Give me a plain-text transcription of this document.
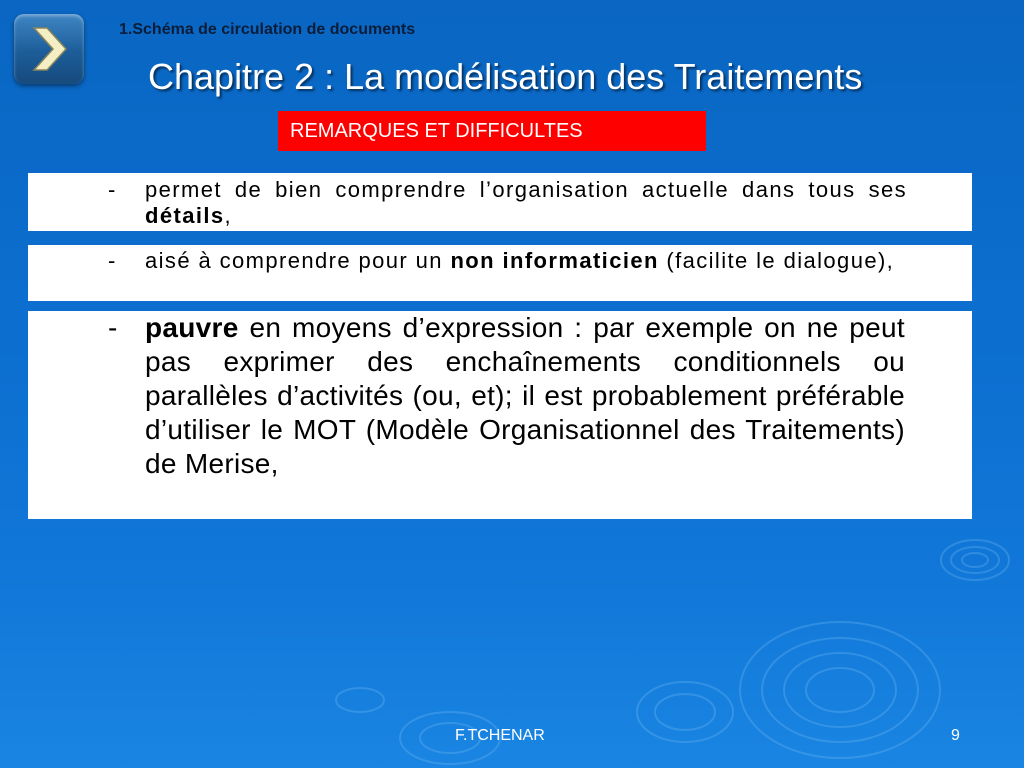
1.Schéma de circulation de documents
Chapitre 2 : La modélisation des Traitements
REMARQUES ET DIFFICULTES
- permet de bien comprendre l’organisation actuelle dans tous ses détails,
- aisé à comprendre pour un non informaticien (facilite le dialogue),
- pauvre en moyens d’expression : par exemple on ne peut pas exprimer des enchaînements conditionnels ou parallèles d’activités (ou, et); il est probablement préférable d’utiliser le MOT (Modèle Organisationnel des Traitements) de Merise,
F.TCHENAR	9
